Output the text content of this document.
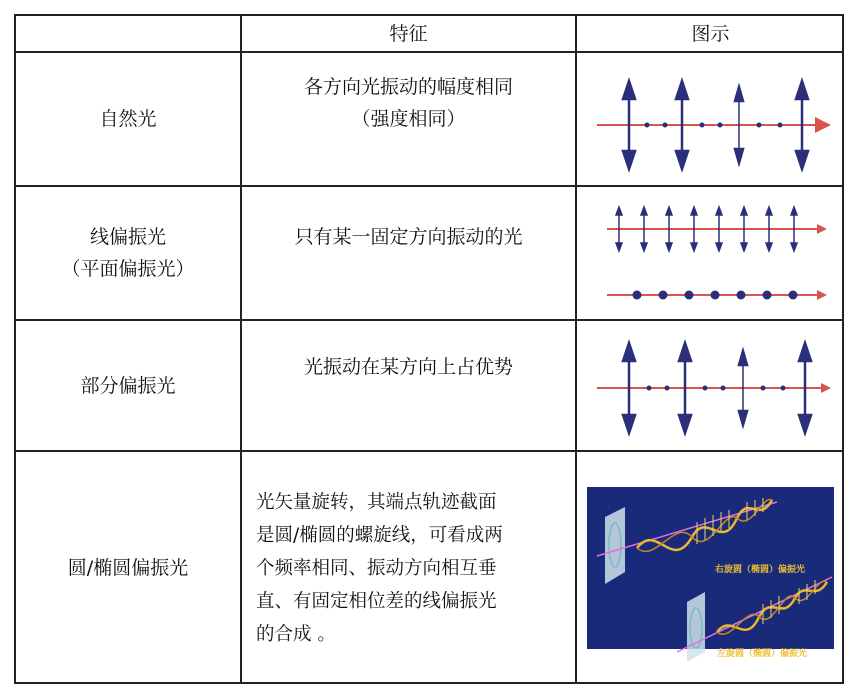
特征	图示
自然光
各方向光振动的幅度相同
（强度相同）
线偏振光
（平面偏振光）
只有某一固定方向振动的光
部分偏振光
光振动在某方向上占优势
圆/椭圆偏振光
光矢量旋转，其端点轨迹截面
是圆/椭圆的螺旋线，可看成两
个频率相同、振动方向相互垂
直、有固定相位差的线偏振光
的合成 。
右旋圆（椭圆）偏振光
左旋圆（椭圆）偏振光
